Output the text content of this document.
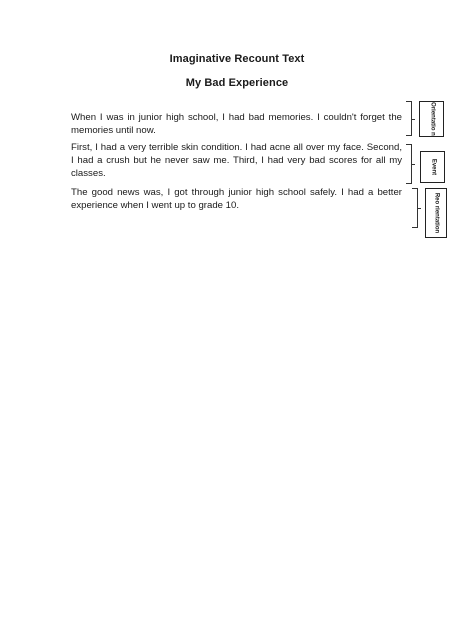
Imaginative Recount Text
My Bad Experience
When I was in junior high school, I had bad memories. I couldn't forget the memories until now.
First, I had a very terrible skin condition. I had acne all over my face. Second, I had a crush but he never saw me. Third, I had very bad scores for all my classes.
The good news was, I got through junior high school safely. I had a better experience when I went up to grade 10.
Orientatio n
Event
Reo rientation
